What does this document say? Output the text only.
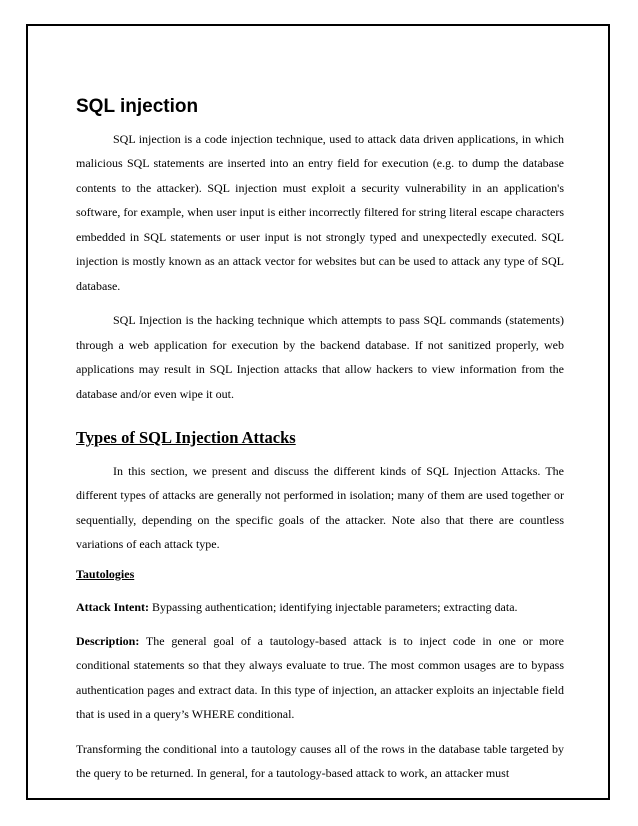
SQL injection

SQL injection is a code injection technique, used to attack data driven applications, in which malicious SQL statements are inserted into an entry field for execution (e.g. to dump the database contents to the attacker). SQL injection must exploit a security vulnerability in an application's software, for example, when user input is either incorrectly filtered for string literal escape characters embedded in SQL statements or user input is not strongly typed and unexpectedly executed. SQL injection is mostly known as an attack vector for websites but can be used to attack any type of SQL database.

SQL Injection is the hacking technique which attempts to pass SQL commands (statements) through a web application for execution by the backend database. If not sanitized properly, web applications may result in SQL Injection attacks that allow hackers to view information from the database and/or even wipe it out.

Types of SQL Injection Attacks

In this section, we present and discuss the different kinds of SQL Injection Attacks. The different types of attacks are generally not performed in isolation; many of them are used together or sequentially, depending on the specific goals of the attacker. Note also that there are countless variations of each attack type.

Tautologies

Attack Intent: Bypassing authentication; identifying injectable parameters; extracting data.

Description: The general goal of a tautology-based attack is to inject code in one or more conditional statements so that they always evaluate to true. The most common usages are to bypass authentication pages and extract data. In this type of injection, an attacker exploits an injectable field that is used in a query’s WHERE conditional.

Transforming the conditional into a tautology causes all of the rows in the database table targeted by the query to be returned. In general, for a tautology-based attack to work, an attacker must
